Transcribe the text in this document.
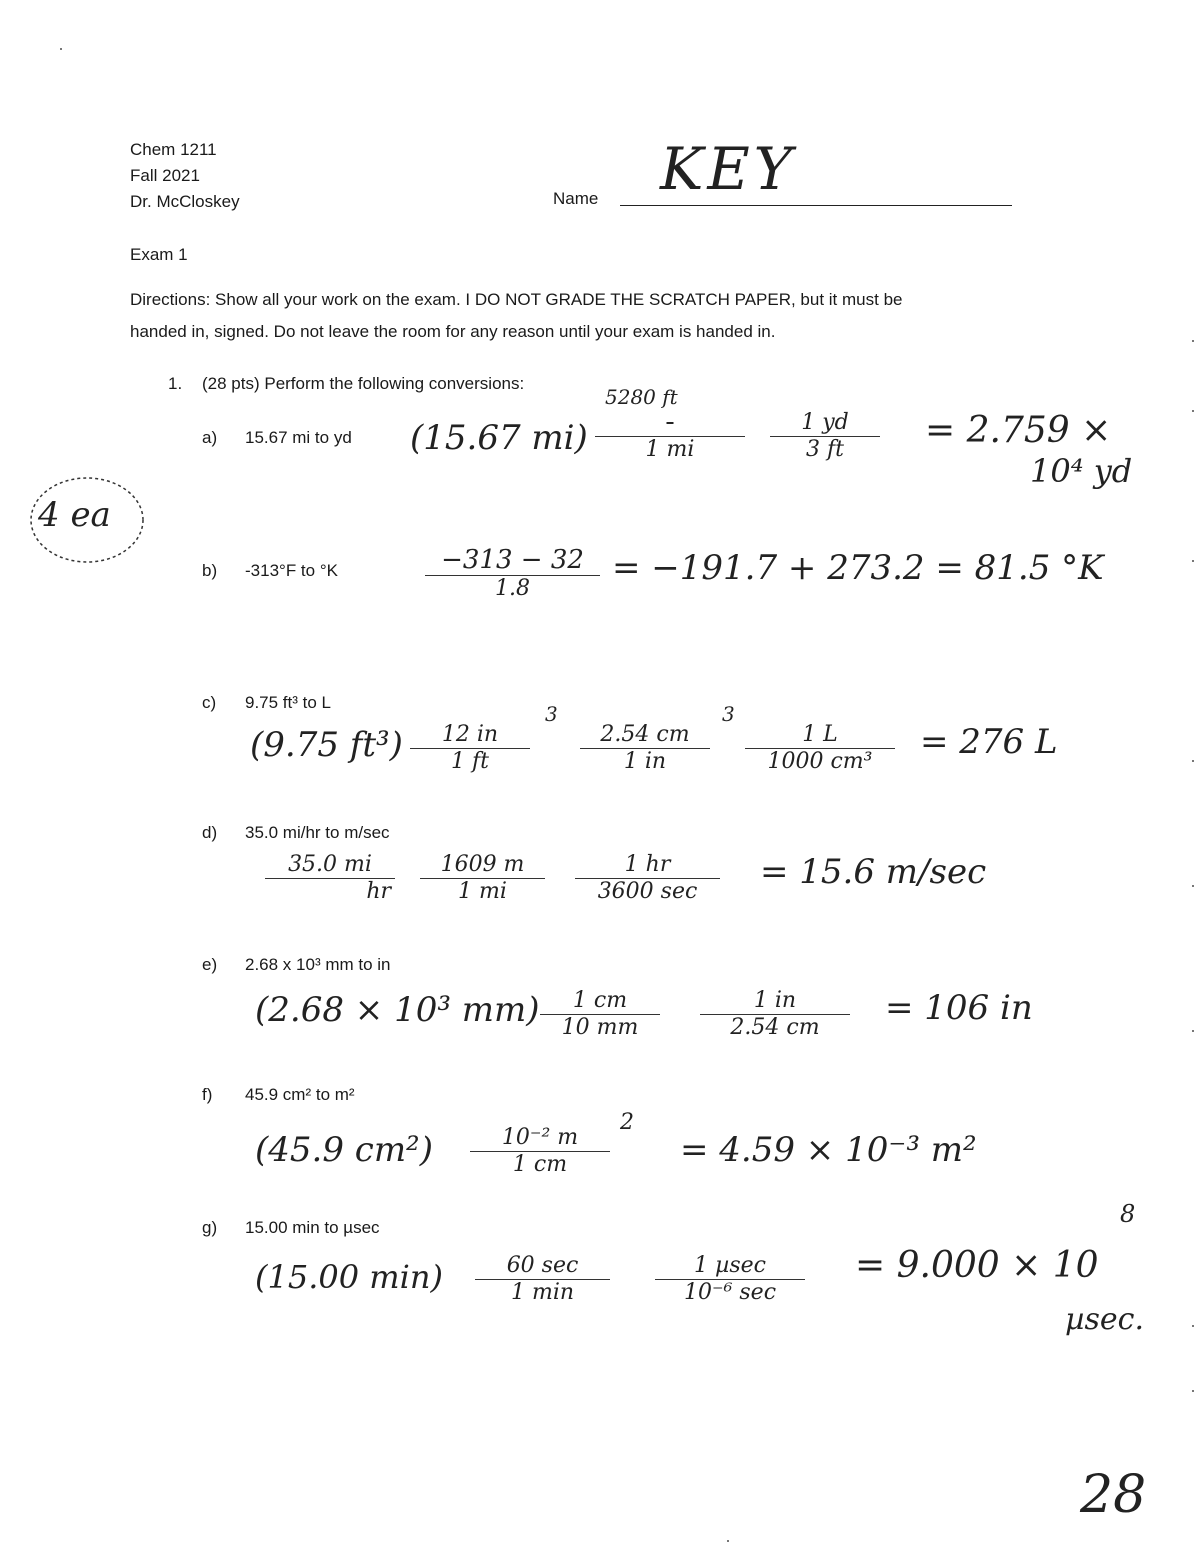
Chem 1211
Fall 2021
Dr. McCloskey	Name KEY
Exam 1
Directions: Show all your work on the exam. I DO NOT GRADE THE SCRATCH PAPER, but it must be
handed in, signed. Do not leave the room for any reason until your exam is handed in.
1. (28 pts) Perform the following conversions:
a) 15.67 mi to yd (15.67 mi)
5280 ft

1 mi	$\frac{1 yd}{3 ft} = 2.759$ ×
10⁴ yd
b) -313°F to °K	−313 − 32
1.8
= −191.7 + 273.2 = 81.5 °K
c) 9.75 ft³ to L
(9.75 $ft^3) \frac{12 in}{1 ft}$
3
$\frac{2.54 cm}{1 in}$
3
$\frac{1 L}{\text{1000 cm³}} = 276$ L
4 ea
d) 35.0 mi/hr to m/sec
$\frac{35.0 mi}{hr} \frac{1609 m}{1 mi}$	1 hr
3600 sec	= 15.6 m/sec
e) 2.68 x 10³ mm to in
(2.68 × 10³ $mm) \frac{1 cm}{10 mm} \frac{1 in}{2.54 cm} = 106$ in
f) 45.9 cm² to m²
(45.9 $cm^2) \frac{\text{10⁻² m}}{1 cm}$
2
= 4.59 × 10⁻³ m²
g) 15.00 min to µsec
(15.00 min)	60 sec
1 min
1 µsec
10⁻⁶ sec
= 9.000 × 10
8
µsec.
28
